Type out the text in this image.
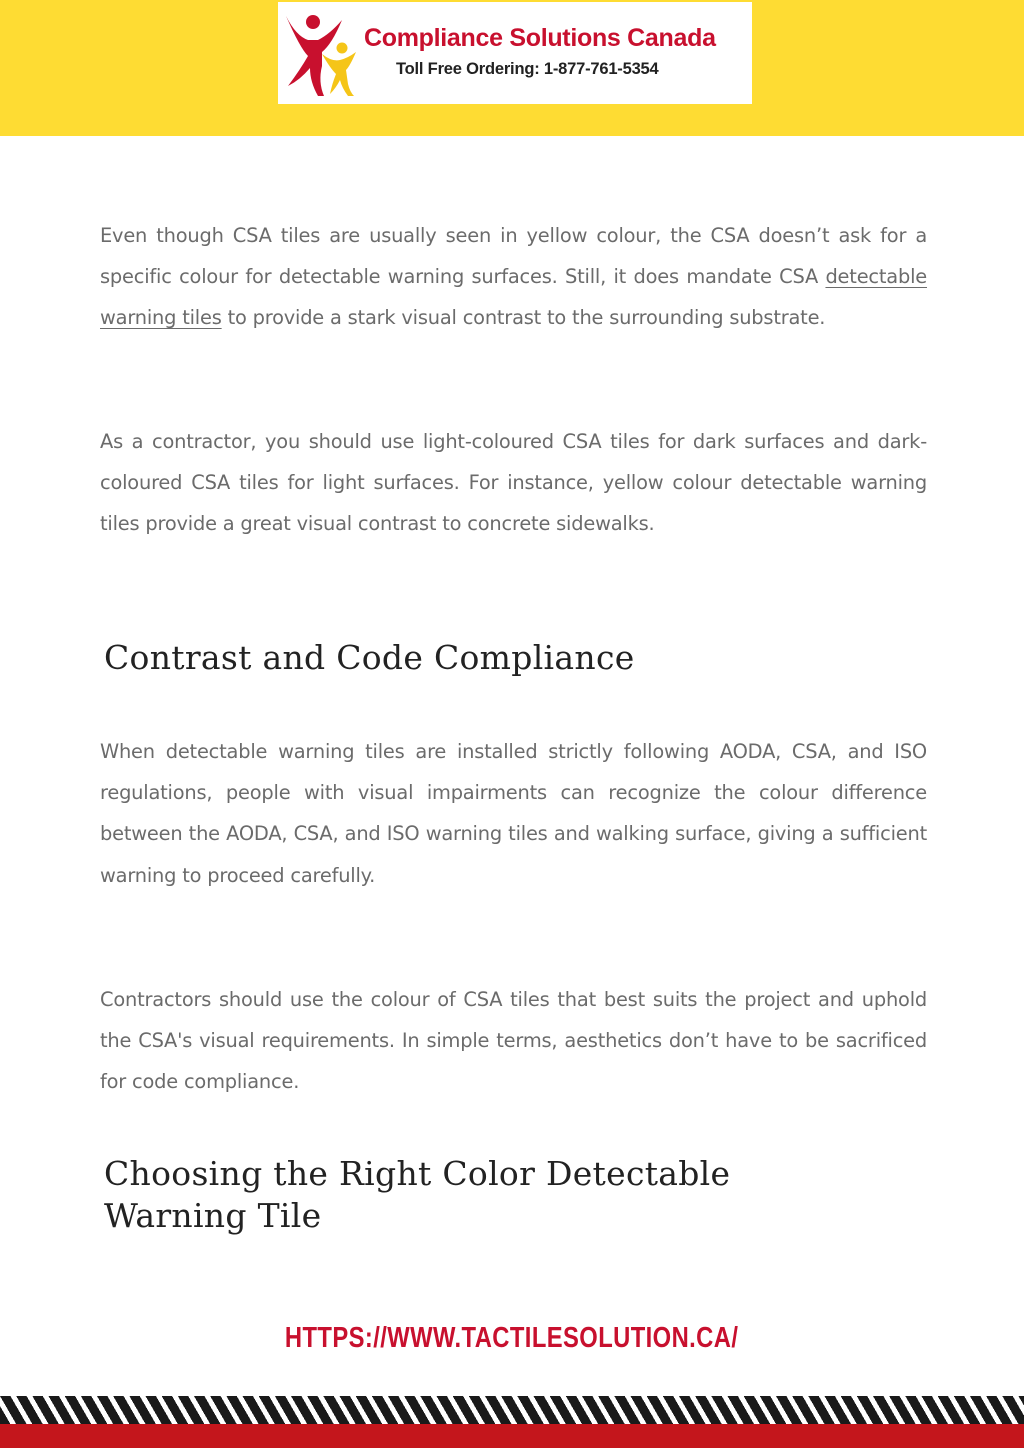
Compliance Solutions Canada

Toll Free Ordering: 1-877-761-5354

Even though CSA tiles are usually seen in yellow colour, the CSA doesn’t ask for a specific colour for detectable warning surfaces. Still, it does mandate CSA detectable warning tiles to provide a stark visual contrast to the surrounding substrate.

As a contractor, you should use light-coloured CSA tiles for dark surfaces and dark-coloured CSA tiles for light surfaces. For instance, yellow colour detectable warning tiles provide a great visual contrast to concrete sidewalks.

Contrast and Code Compliance

When detectable warning tiles are installed strictly following AODA, CSA, and ISO regulations, people with visual impairments can recognize the colour difference between the AODA, CSA, and ISO warning tiles and walking surface, giving a sufficient warning to proceed carefully.

Contractors should use the colour of CSA tiles that best suits the project and uphold the CSA's visual requirements. In simple terms, aesthetics don’t have to be sacrificed for code compliance.

Choosing the Right Color Detectable Warning Tile
HTTPS://WWW.TACTILESOLUTION.CA/
